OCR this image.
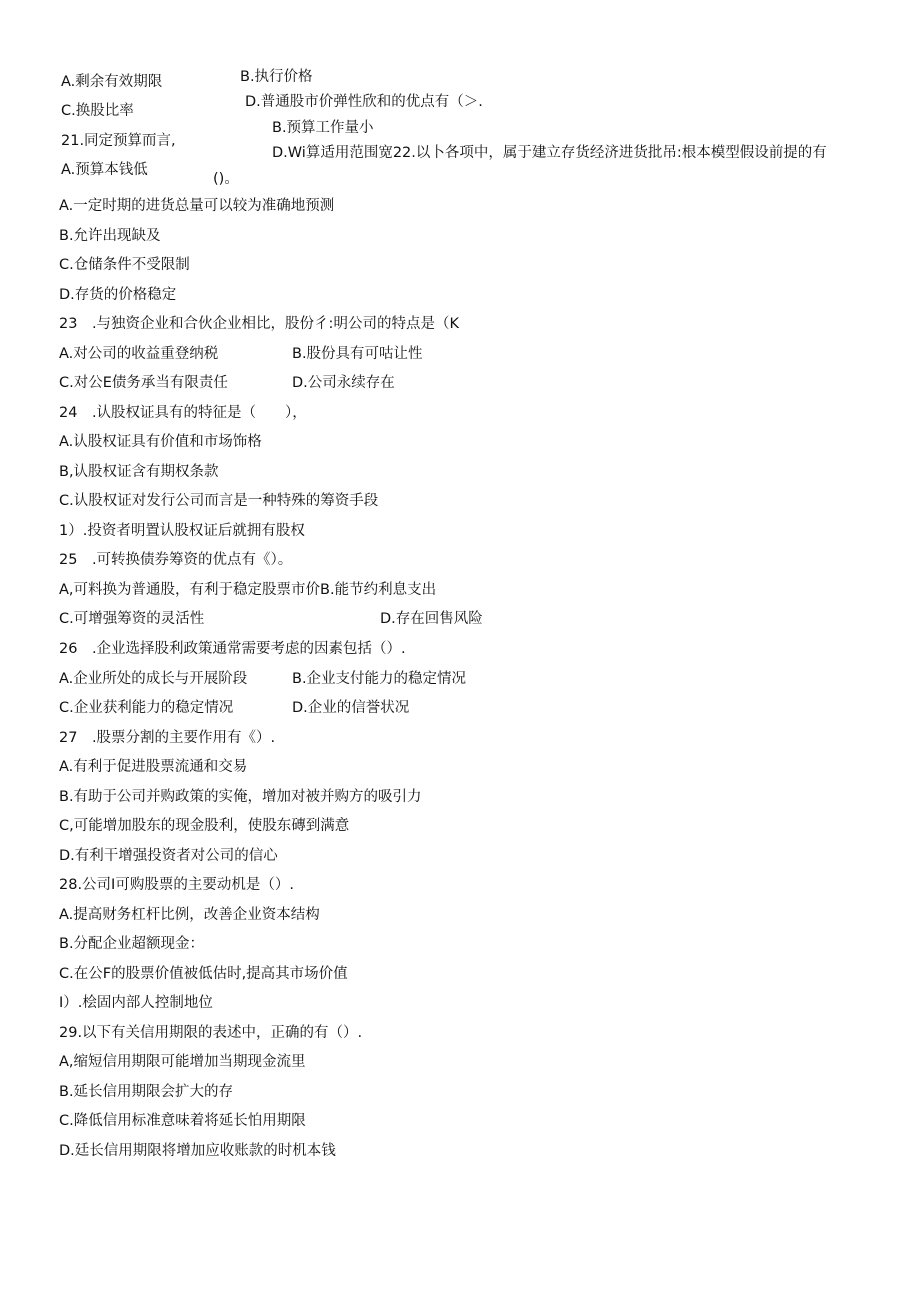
A.剩余有效期限	B.执行价格
C.换股比率
D.普通股市价弹性欣和的优点有（＞.
21.同定预算而言,
B.预算工作量小
A.预算本钱低
D.Wi算适用范围宽22.以卜各项中，属于建立存货经济进货批吊:根本模型假设前提的有
()。
A.一定时期的进货总量可以较为准确地预测
B.允许出现缺及
C.仓储条件不受限制
D.存货的价格稳定
23　.与独资企业和合伙企业相比，股份彳:明公司的特点是（K
A.对公司的收益重登纳税	B.股份具有可咕让性
C.对公E债务承当有限责任	D.公司永续存在
24　.认股权证具有的特征是（　　），
A.认股权证具有价值和市场饰格
B,认股权证含有期权条款
C.认股权证对发行公司而言是一种特殊的筹资手段
1）.投资者明置认股权证后就拥有股权
25　.可转换债券筹资的优点有《）。
A,可料换为普通股，有利于稳定股票市价B.能节约利息支出
C.可增强筹资的灵活性	D.存在回售风险
26　.企业选择股利政策通常需要考虑的因素包括（）.
A.企业所处的成长与开展阶段	B.企业支付能力的稳定情况
C.企业获利能力的稳定情况	D.企业的信誉状况
27　.股票分割的主要作用有《）.
A.有利于促进股票流通和交易
B.有助于公司并购政策的实俺，增加对被并购方的吸引力
C,可能增加股东的现金股利，使股东磚到满意
D.有利干增强投资者对公司的信心
28.公司I可购股票的主要动机是（）.
A.提高财务杠杆比例，改善企业资本结构
B.分配企业超额现金：
C.在公F的股票价值被低估时,提高其市场价值
I）.桧固内部人控制地位
29.以下有关信用期限的表述中，正确的有（）.
A,缩短信用期限可能增加当期现金流里
B.延长信用期限会扩大的存
C.降低信用标准意味着将延长怕用期限
D.廷长信用期限将增加应收账款的时机本钱
